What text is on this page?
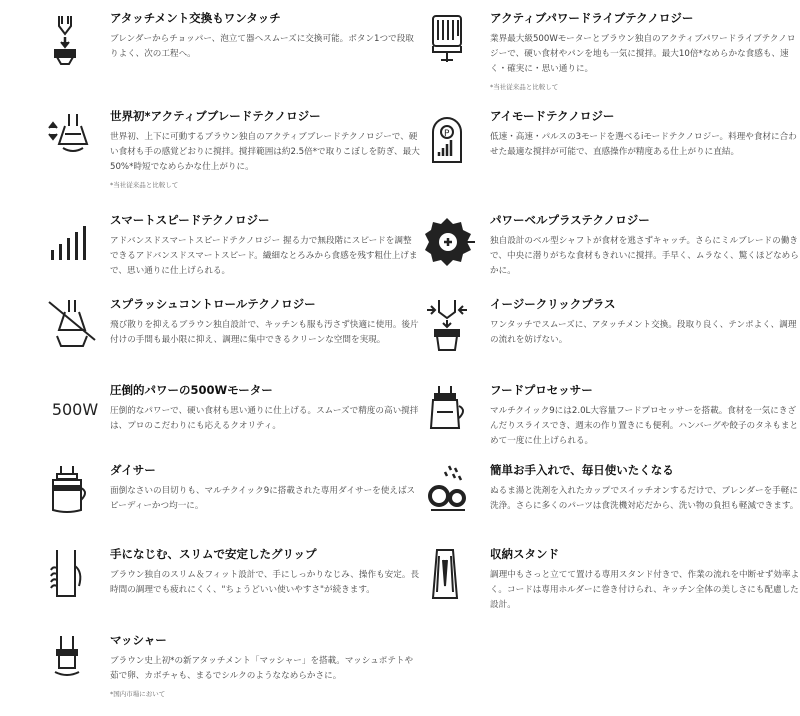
アタッチメント交換もワンタッチ

ブレンダーからチョッパー、泡立て器へスムーズに交換可能。ボタン1つで段取りよく、次の工程へ。

アクティブパワードライブテクノロジー

業界最大級500Wモーターとブラウン独自のアクティブパワードライブテクノロジーで、硬い食材やパンを地も一気に撹拌。最大10倍*なめらかな食感も、速く・確実に・思い通りに。

*当社従来品と比較して

世界初*アクティブブレードテクノロジー

世界初、上下に可動するブラウン独自のアクティブブレードテクノロジーで、硬い食材も手の感覚どおりに撹拌。撹拌範囲は約2.5倍*で取りこぼしを防ぎ、最大50%*時短でなめらかな仕上がりに。

*当社従来品と比較して

P
アイモードテクノロジー

低速・高速・パルスの3モードを選べるiモードテクノロジー。料理や食材に合わせた最適な撹拌が可能で、直感操作が精度ある仕上がりに直結。

スマートスピードテクノロジー

アドバンスドスマートスピードテクノロジー 握る力で無段階にスピードを調整できるアドバンスドスマートスピード。繊細なとろみから食感を残す粗仕上げまで、思い通りに仕上げられる。

パワーベルプラステクノロジー

独自設計のベル型シャフトが食材を逃さずキャッチ。さらにミルブレードの働きで、中央に潜りがちな食材もきれいに撹拌。手早く、ムラなく、驚くほどなめらかに。

スプラッシュコントロールテクノロジー

飛び散りを抑えるブラウン独自設計で、キッチンも服も汚さず快適に使用。後片付けの手間も最小限に抑え、調理に集中できるクリーンな空間を実現。

イージークリックプラス

ワンタッチでスムーズに、アタッチメント交換。段取り良く、テンポよく、調理の流れを妨げない。

500W
圧倒的パワーの500Wモーター

圧倒的なパワーで、硬い食材も思い通りに仕上げる。スムーズで精度の高い撹拌は、プロのこだわりにも応えるクオリティ。

フードプロセッサー

マルチクイック9には2.0L大容量フードプロセッサーを搭載。食材を一気にきざんだりスライスでき、週末の作り置きにも便利。ハンバーグや餃子のタネもまとめて一度に仕上げられる。

ダイサー

面倒なさいの目切りも、マルチクイック9に搭載された専用ダイサーを使えばスピーディーかつ均一に。

簡単お手入れで、毎日使いたくなる

ぬるま湯と洗剤を入れたカップでスイッチオンするだけで、ブレンダーを手軽に洗浄。さらに多くのパーツは食洗機対応だから、洗い物の負担も軽減できます。

手になじむ、スリムで安定したグリップ

ブラウン独自のスリム＆フィット設計で、手にしっかりなじみ、操作も安定。長時間の調理でも疲れにくく、"ちょうどいい使いやすさ"が続きます。

収納スタンド

調理中もさっと立てて置ける専用スタンド付きで、作業の流れを中断せず効率よく。コードは専用ホルダーに巻き付けられ、キッチン全体の美しさにも配慮した設計。

マッシャー

ブラウン史上初*の新アタッチメント「マッシャー」を搭載。マッシュポテトや茹で卵、カボチャも、まるでシルクのようななめらかさに。

*国内市場において
